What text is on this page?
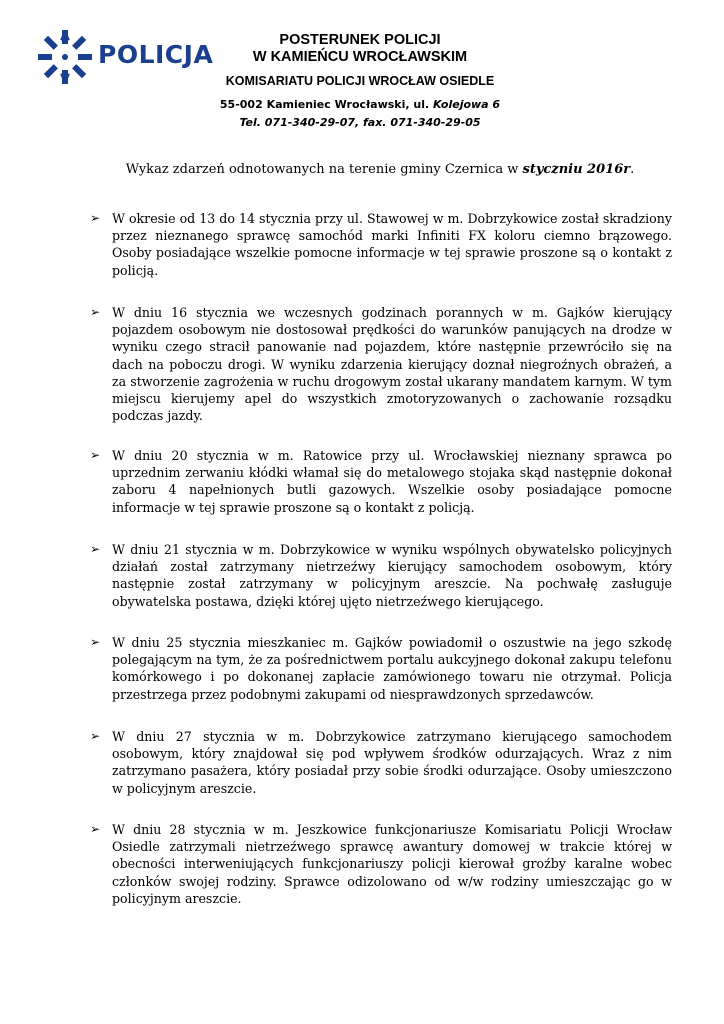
POLICJA	POSTERUNEK POLICJI
W KAMIEŃCU WROCŁAWSKIM
KOMISARIATU POLICJI WROCŁAW OSIEDLE
55-002 Kamieniec Wrocławski, ul. Kolejowa 6
Tel. 071-340-29-07, fax. 071-340-29-05
Wykaz zdarzeń odnotowanych na terenie gminy Czernica w styczniu 2016r.
➢ W okresie od 13 do 14 stycznia przy ul. Stawowej w m. Dobrzykowice został skradziony przez nieznanego sprawcę samochód marki Infiniti FX koloru ciemno brązowego. Osoby posiadające wszelkie pomocne informacje w tej sprawie proszone są o kontakt z policją.
➢ W dniu 16 stycznia we wczesnych godzinach porannych w m. Gajków kierujący pojazdem osobowym nie dostosował prędkości do warunków panujących na drodze w wyniku czego stracił panowanie nad pojazdem, które następnie przewróciło się na dach na poboczu drogi. W wyniku zdarzenia kierujący doznał niegroźnych obrażeń, a za stworzenie zagrożenia w ruchu drogowym został ukarany mandatem karnym. W tym miejscu kierujemy apel do wszystkich zmotoryzowanych o zachowanie rozsądku podczas jazdy.
➢ W dniu 20 stycznia w m. Ratowice przy ul. Wrocławskiej nieznany sprawca po uprzednim zerwaniu kłódki włamał się do metalowego stojaka skąd następnie dokonał zaboru 4 napełnionych butli gazowych. Wszelkie osoby posiadające pomocne informacje w tej sprawie proszone są o kontakt z policją.
➢ W dniu 21 stycznia w m. Dobrzykowice w wyniku wspólnych obywatelsko policyjnych działań został zatrzymany nietrzeźwy kierujący samochodem osobowym, który następnie został zatrzymany w policyjnym areszcie. Na pochwałę zasługuje obywatelska postawa, dzięki której ujęto nietrzeźwego kierującego.
➢ W dniu 25 stycznia mieszkaniec m. Gajków powiadomił o oszustwie na jego szkodę polegającym na tym, że za pośrednictwem portalu aukcyjnego dokonał zakupu telefonu komórkowego i po dokonanej zapłacie zamówionego towaru nie otrzymał. Policja przestrzega przez podobnymi zakupami od niesprawdzonych sprzedawców.
➢ W dniu 27 stycznia w m. Dobrzykowice zatrzymano kierującego samochodem osobowym, który znajdował się pod wpływem środków odurzających. Wraz z nim zatrzymano pasażera, który posiadał przy sobie środki odurzające. Osoby umieszczono w policyjnym areszcie.
➢ W dniu 28 stycznia w m. Jeszkowice funkcjonariusze Komisariatu Policji Wrocław Osiedle zatrzymali nietrzeźwego sprawcę awantury domowej w trakcie której w obecności interweniujących funkcjonariuszy policji kierował groźby karalne wobec członków swojej rodziny. Sprawce odizolowano od w/w rodziny umieszczając go w policyjnym areszcie.
